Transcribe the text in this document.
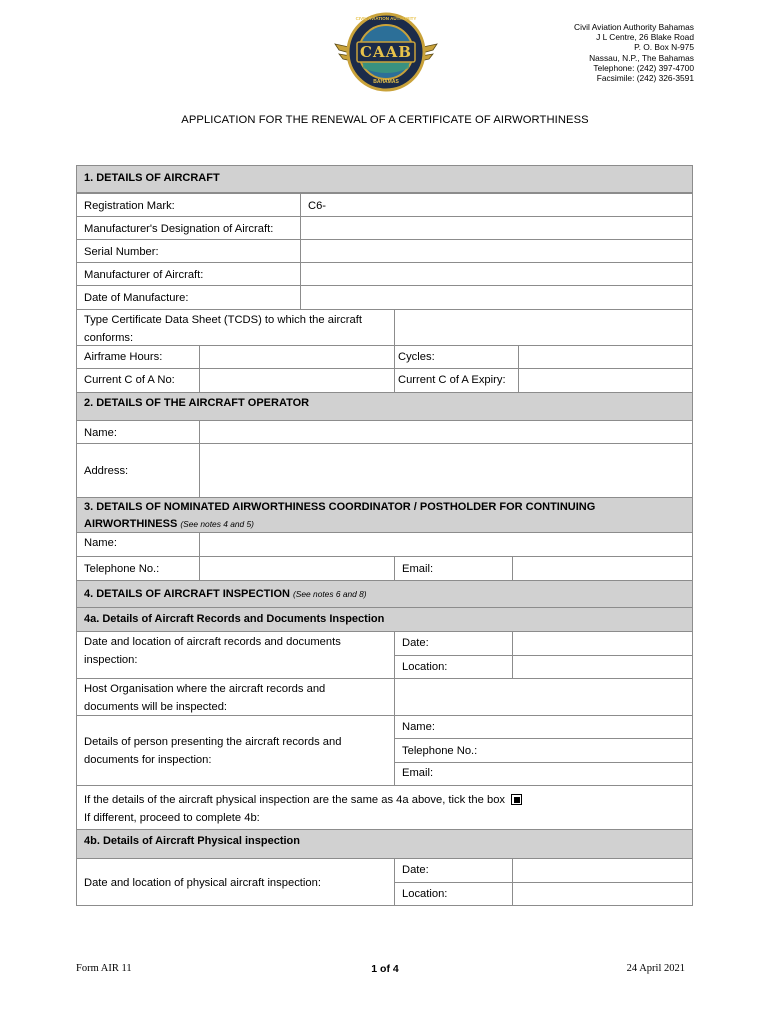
CAAB
CIVIL AVIATION AUTHORITY
BAHAMAS
Civil Aviation Authority Bahamas
J L Centre, 26 Blake Road
P. O. Box N-975
Nassau, N.P., The Bahamas
Telephone: (242) 397-4700
Facsimile: (242) 326-3591
APPLICATION FOR THE RENEWAL OF A CERTIFICATE OF AIRWORTHINESS
1. DETAILS OF AIRCRAFT
Registration Mark:	C6-
Manufacturer's Designation of Aircraft:
Serial Number:
Manufacturer of Aircraft:
Date of Manufacture:
Type Certificate Data Sheet (TCDS) to which the aircraft
conforms:
Airframe Hours:	Cycles:
Current C of A No:	Current C of A Expiry:
2. DETAILS OF THE AIRCRAFT OPERATOR
Name:
Address:
3. DETAILS OF NOMINATED AIRWORTHINESS COORDINATOR / POSTHOLDER FOR CONTINUING
AIRWORTHINESS (See notes 4 and 5)
Name:
Telephone No.:	Email:
4. DETAILS OF AIRCRAFT INSPECTION (See notes 6 and 8)
4a. Details of Aircraft Records and Documents Inspection
Date and location of aircraft records and documents
inspection:
Date:
Location:
Host Organisation where the aircraft records and
documents will be inspected:
Details of person presenting the aircraft records and
documents for inspection:
Name:
Telephone No.:
Email:
If the details of the aircraft physical inspection are the same as 4a above, tick the box
If different, proceed to complete 4b:
4b. Details of Aircraft Physical inspection
Date and location of physical aircraft inspection:
Date:
Location:
Form AIR 11	1 of 4	24 April 2021
